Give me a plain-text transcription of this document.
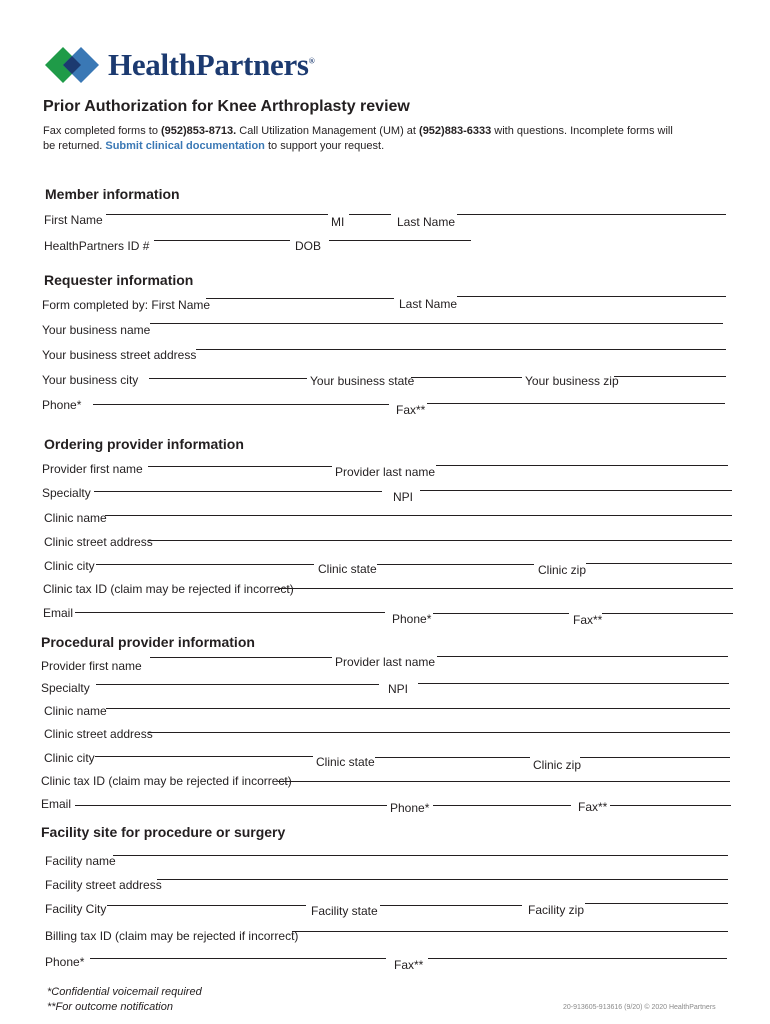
HealthPartners®
Prior Authorization for Knee Arthroplasty review
Fax completed forms to (952)853-8713. Call Utilization Management (UM) at (952)883-6333 with questions. Incomplete forms will be returned. Submit clinical documentation to support your request.
Member information
First Name	MI	Last Name
HealthPartners ID #	DOB
Requester information
Form completed by: First Name	Last Name
Your business name
Your business street address
Your business city	Your business state	Your business zip
Phone*	Fax**
Ordering provider information
Provider first name	Provider last name
Specialty	NPI
Clinic name
Clinic street address
Clinic city	Clinic state	Clinic zip
Clinic tax ID (claim may be rejected if incorrect)
Email	Phone*	Fax**
Procedural provider information
Provider first name	Provider last name
Specialty	NPI
Clinic name
Clinic street address
Clinic city	Clinic state	Clinic zip
Clinic tax ID (claim may be rejected if incorrect)
Email	Phone*	Fax**
Facility site for procedure or surgery
Facility name
Facility street address
Facility City	Facility state	Facility zip
Billing tax ID (claim may be rejected if incorrect)
Phone*	Fax**
*Confidential voicemail required
**For outcome notification	20-913605-913616 (9/20) © 2020 HealthPartners
